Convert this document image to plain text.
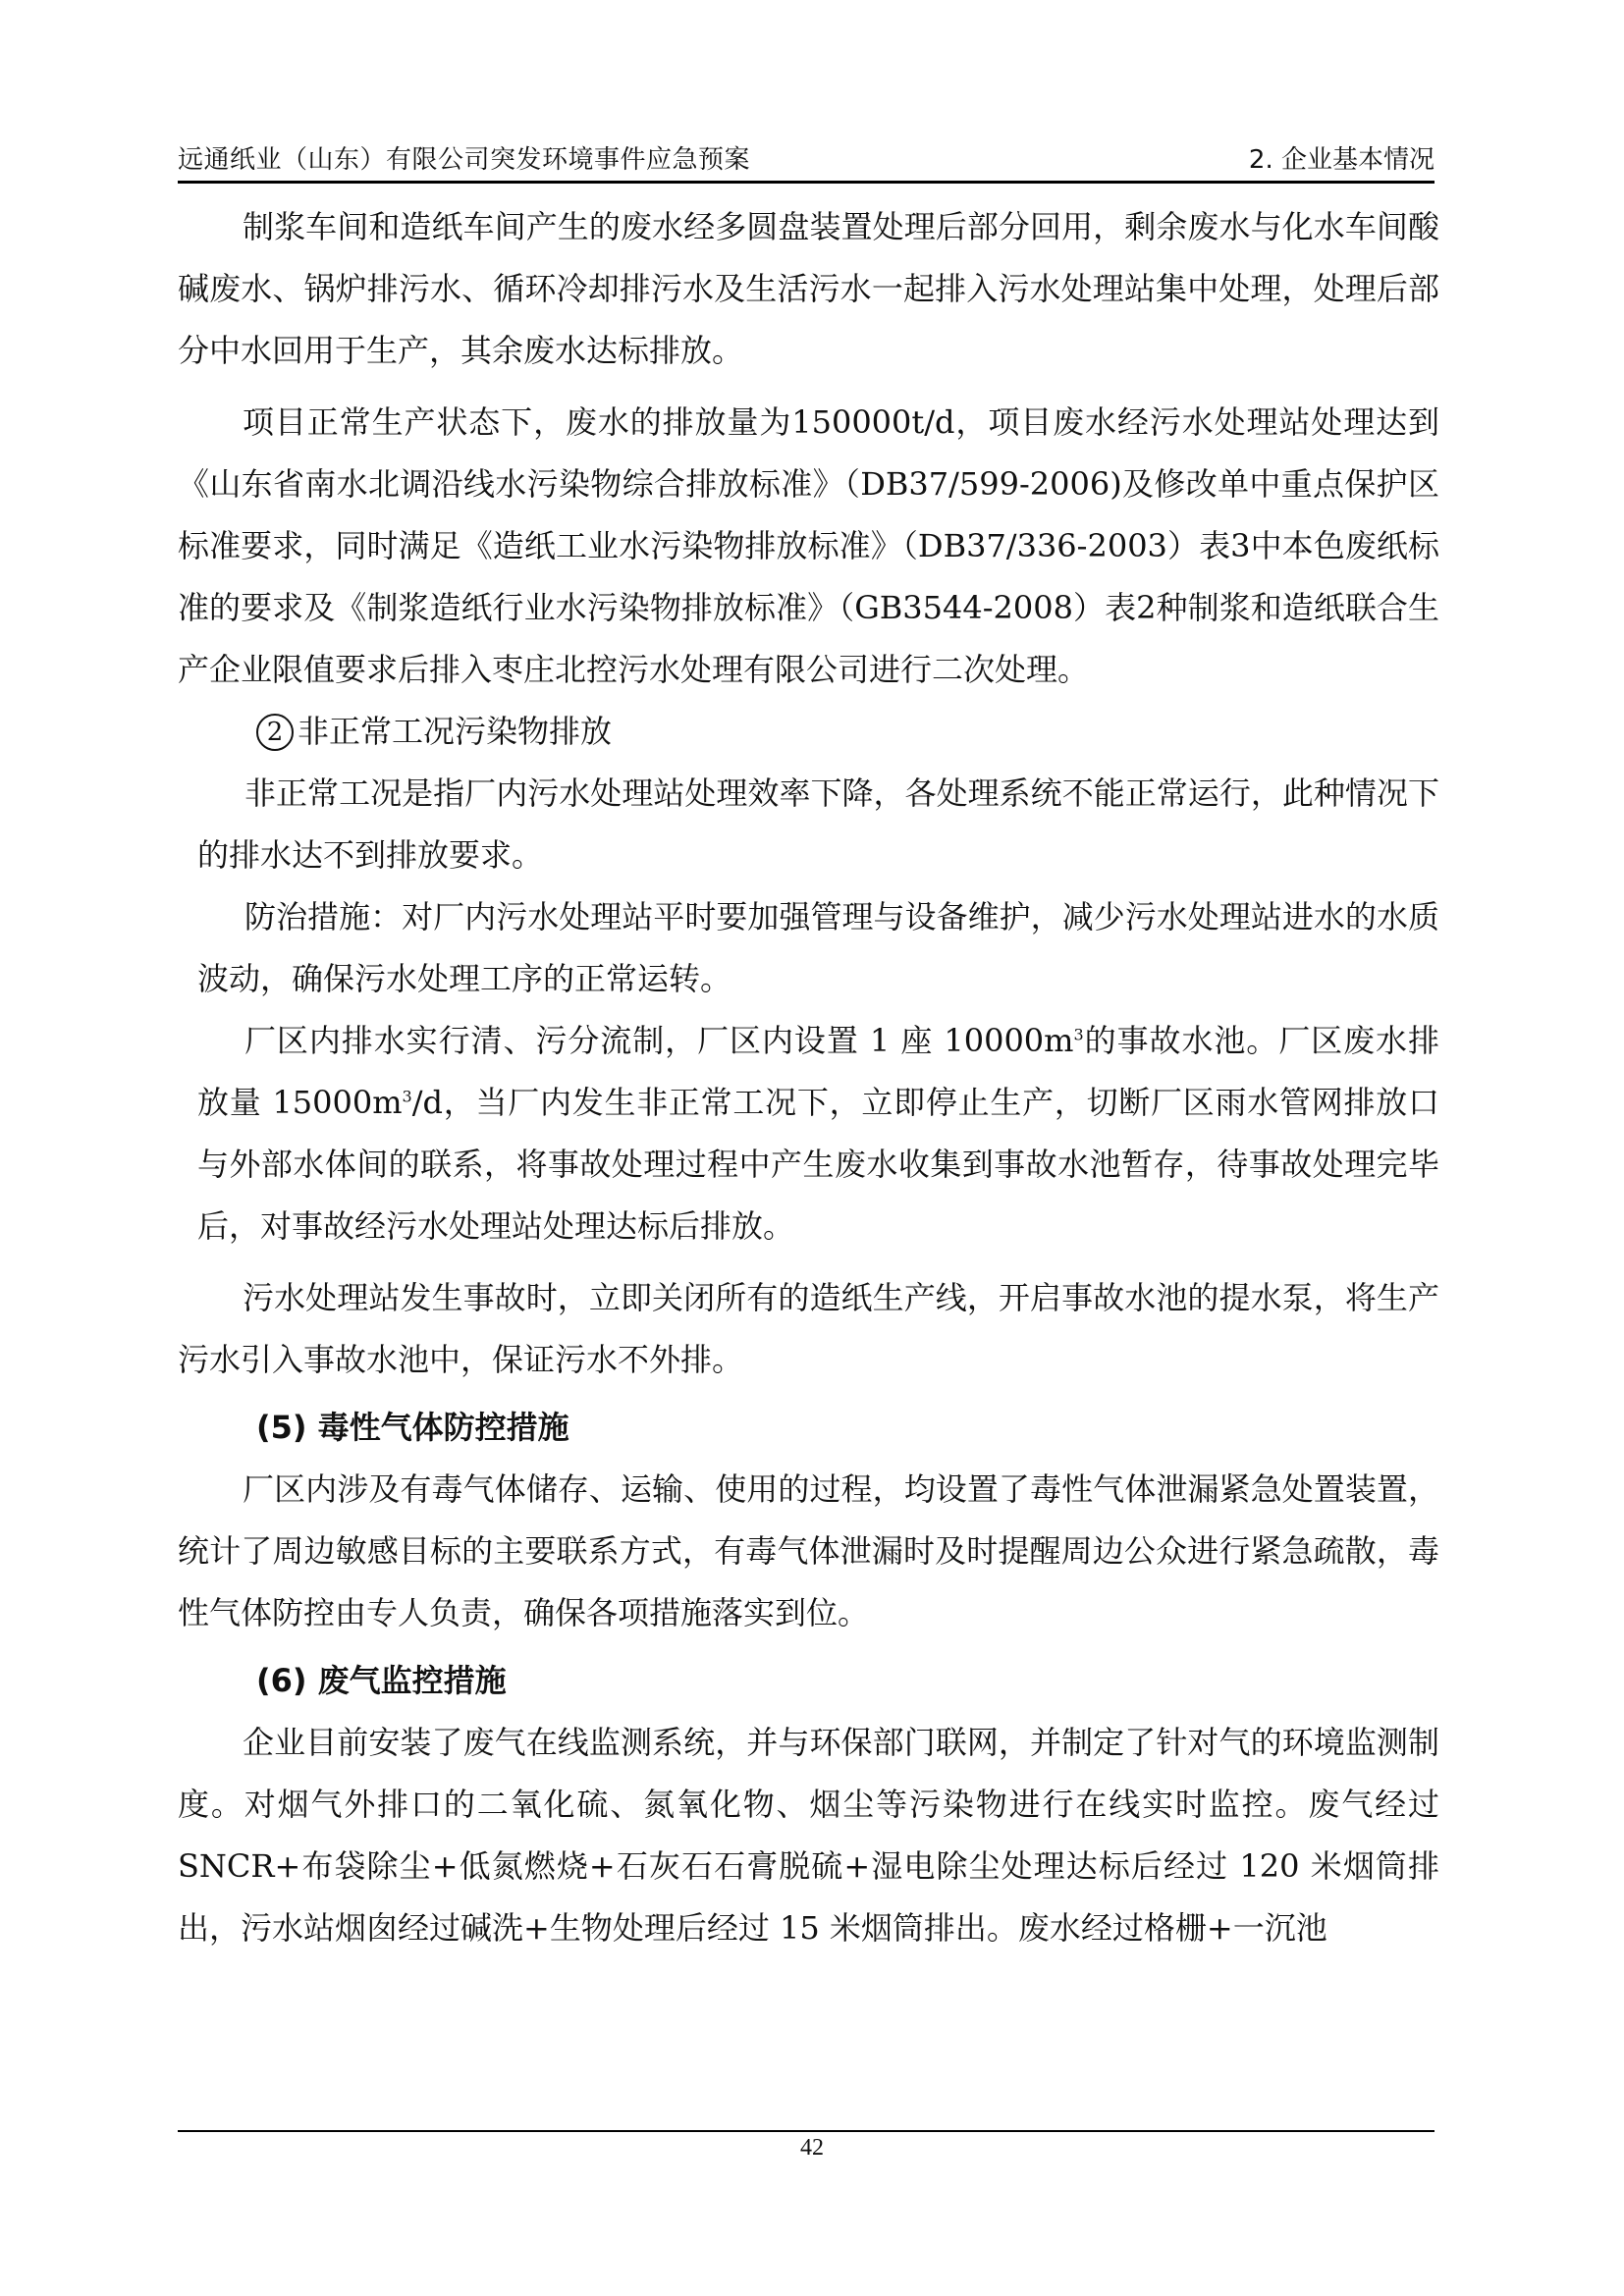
远通纸业（山东）有限公司突发环境事件应急预案	2. 企业基本情况

制浆车间和造纸车间产生的废水经多圆盘装置处理后部分回用，剩余废水与化水车间酸碱废水、锅炉排污水、循环冷却排污水及生活污水一起排入污水处理站集中处理，处理后部分中水回用于生产，其余废水达标排放。

项目正常生产状态下，废水的排放量为150000t/d，项目废水经污水处理站处理达到《山东省南水北调沿线水污染物综合排放标准》（DB37/599-2006)及修改单中重点保护区标准要求，同时满足《造纸工业水污染物排放标准》（DB37/336-2003）表3中本色废纸标准的要求及《制浆造纸行业水污染物排放标准》（GB3544-2008）表2种制浆和造纸联合生产企业限值要求后排入枣庄北控污水处理有限公司进行二次处理。

2 非正常工况污染物排放

非正常工况是指厂内污水处理站处理效率下降，各处理系统不能正常运行，此种情况下的排水达不到排放要求。

防治措施：对厂内污水处理站平时要加强管理与设备维护，减少污水处理站进水的水质波动，确保污水处理工序的正常运转。

厂区内排水实行清、污分流制，厂区内设置 1 座 $10000m^3$的事故水池。厂区废水排放量 $15000m^3/d$，当厂内发生非正常工况下，立即停止生产，切断厂区雨水管网排放口与外部水体间的联系，将事故处理过程中产生废水收集到事故水池暂存，待事故处理完毕后，对事故经污水处理站处理达标后排放。

污水处理站发生事故时，立即关闭所有的造纸生产线，开启事故水池的提水泵，将生产污水引入事故水池中，保证污水不外排。

(5) 毒性气体防控措施

厂区内涉及有毒气体储存、运输、使用的过程，均设置了毒性气体泄漏紧急处置装置，统计了周边敏感目标的主要联系方式，有毒气体泄漏时及时提醒周边公众进行紧急疏散，毒性气体防控由专人负责，确保各项措施落实到位。

(6) 废气监控措施

企业目前安装了废气在线监测系统，并与环保部门联网，并制定了针对气的环境监测制度。对烟气外排口的二氧化硫、氮氧化物、烟尘等污染物进行在线实时监控。废气经过 SNCR+布袋除尘+低氮燃烧+石灰石石膏脱硫+湿电除尘处理达标后经过 120 米烟筒排出，污水站烟囱经过碱洗+生物处理后经过 15 米烟筒排出。废水经过格栅+一沉池

42
